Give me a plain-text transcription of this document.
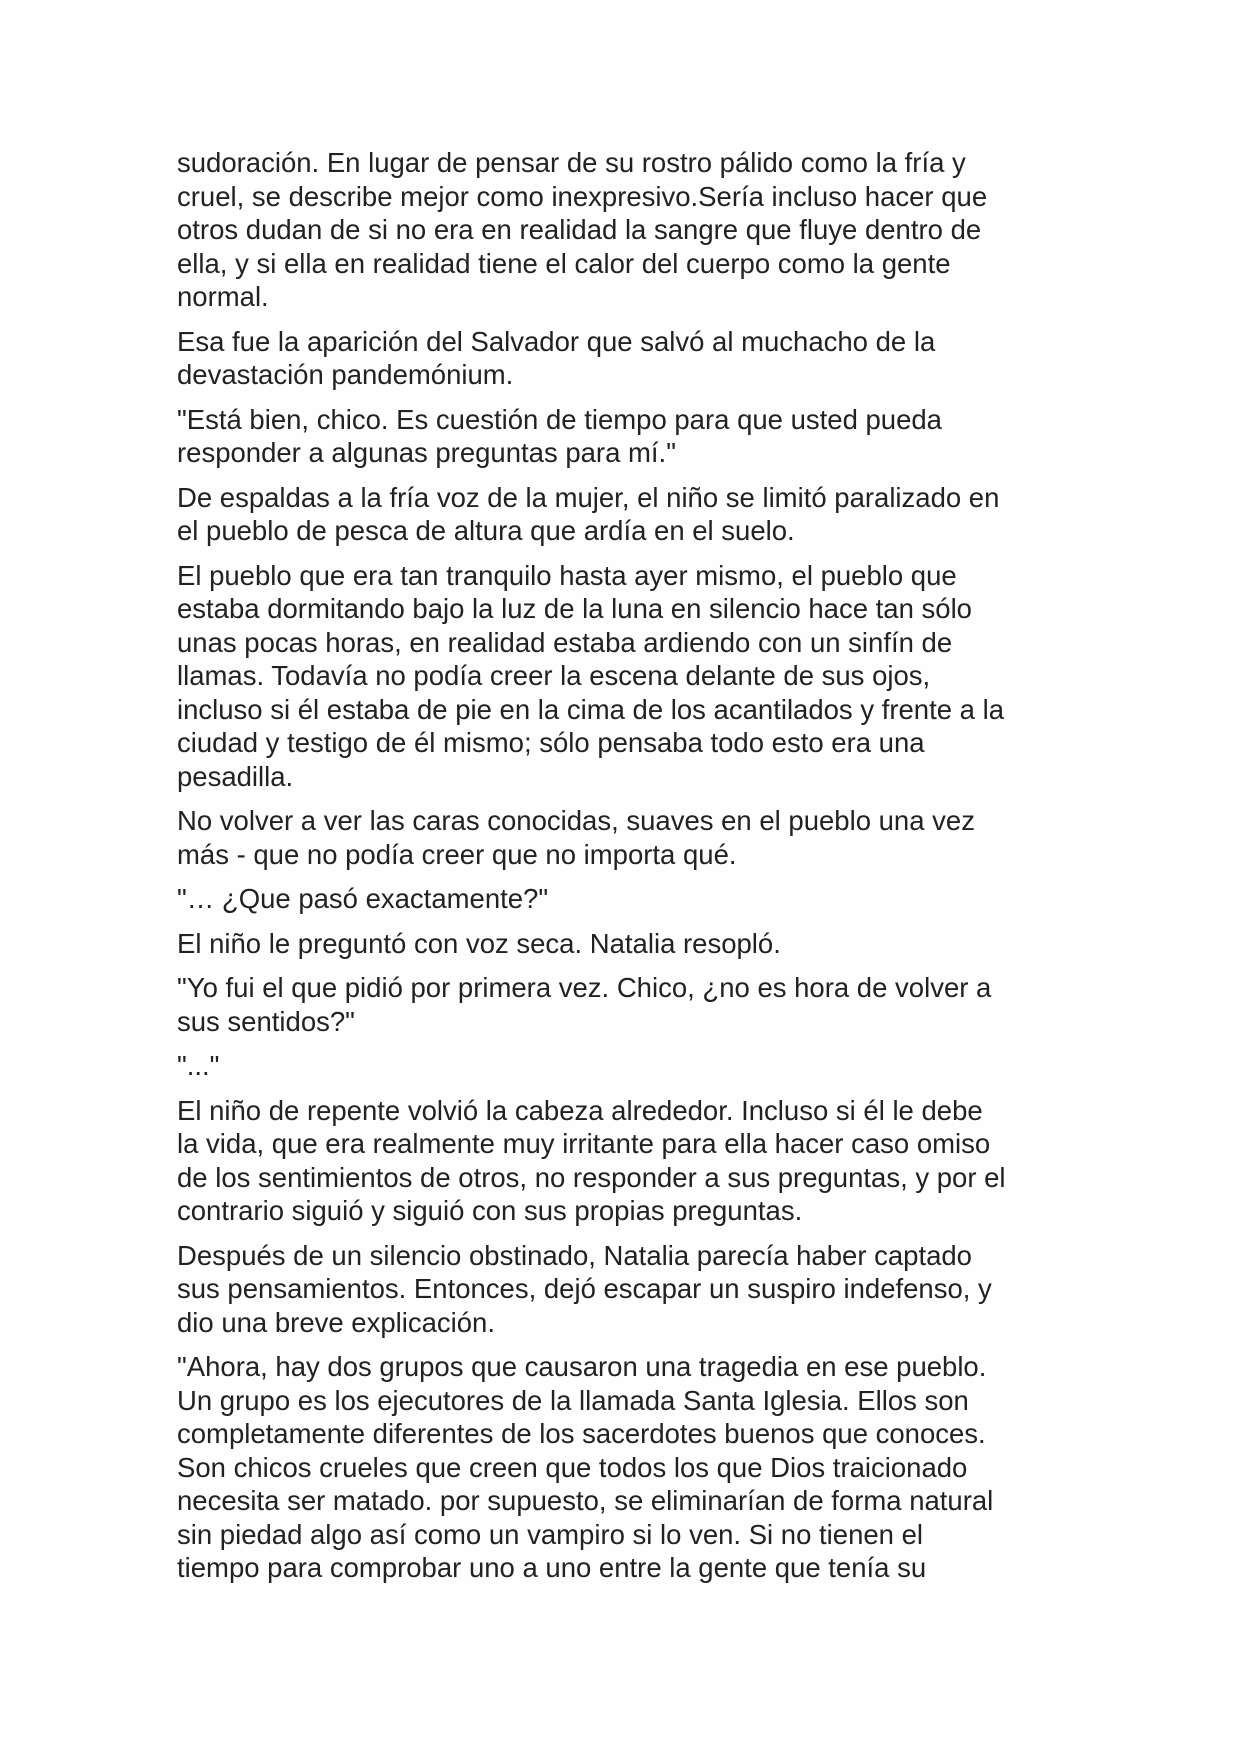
sudoración. En lugar de pensar de su rostro pálido como la fría y
cruel, se describe mejor como inexpresivo.Sería incluso hacer que
otros dudan de si no era en realidad la sangre que fluye dentro de
ella, y si ella en realidad tiene el calor del cuerpo como la gente
normal.

Esa fue la aparición del Salvador que salvó al muchacho de la
devastación pandemónium.

"Está bien, chico. Es cuestión de tiempo para que usted pueda
responder a algunas preguntas para mí."

De espaldas a la fría voz de la mujer, el niño se limitó paralizado en
el pueblo de pesca de altura que ardía en el suelo.

El pueblo que era tan tranquilo hasta ayer mismo, el pueblo que
estaba dormitando bajo la luz de la luna en silencio hace tan sólo
unas pocas horas, en realidad estaba ardiendo con un sinfín de
llamas. Todavía no podía creer la escena delante de sus ojos,
incluso si él estaba de pie en la cima de los acantilados y frente a la
ciudad y testigo de él mismo; sólo pensaba todo esto era una
pesadilla.

No volver a ver las caras conocidas, suaves en el pueblo una vez
más - que no podía creer que no importa qué.

"… ¿Que pasó exactamente?"

El niño le preguntó con voz seca. Natalia resopló.

"Yo fui el que pidió por primera vez. Chico, ¿no es hora de volver a
sus sentidos?"

"..."

El niño de repente volvió la cabeza alrededor. Incluso si él le debe
la vida, que era realmente muy irritante para ella hacer caso omiso
de los sentimientos de otros, no responder a sus preguntas, y por el
contrario siguió y siguió con sus propias preguntas.

Después de un silencio obstinado, Natalia parecía haber captado
sus pensamientos. Entonces, dejó escapar un suspiro indefenso, y
dio una breve explicación.

"Ahora, hay dos grupos que causaron una tragedia en ese pueblo.
Un grupo es los ejecutores de la llamada Santa Iglesia. Ellos son
completamente diferentes de los sacerdotes buenos que conoces.
Son chicos crueles que creen que todos los que Dios traicionado
necesita ser matado. por supuesto, se eliminarían de forma natural
sin piedad algo así como un vampiro si lo ven. Si no tienen el
tiempo para comprobar uno a uno entre la gente que tenía su
